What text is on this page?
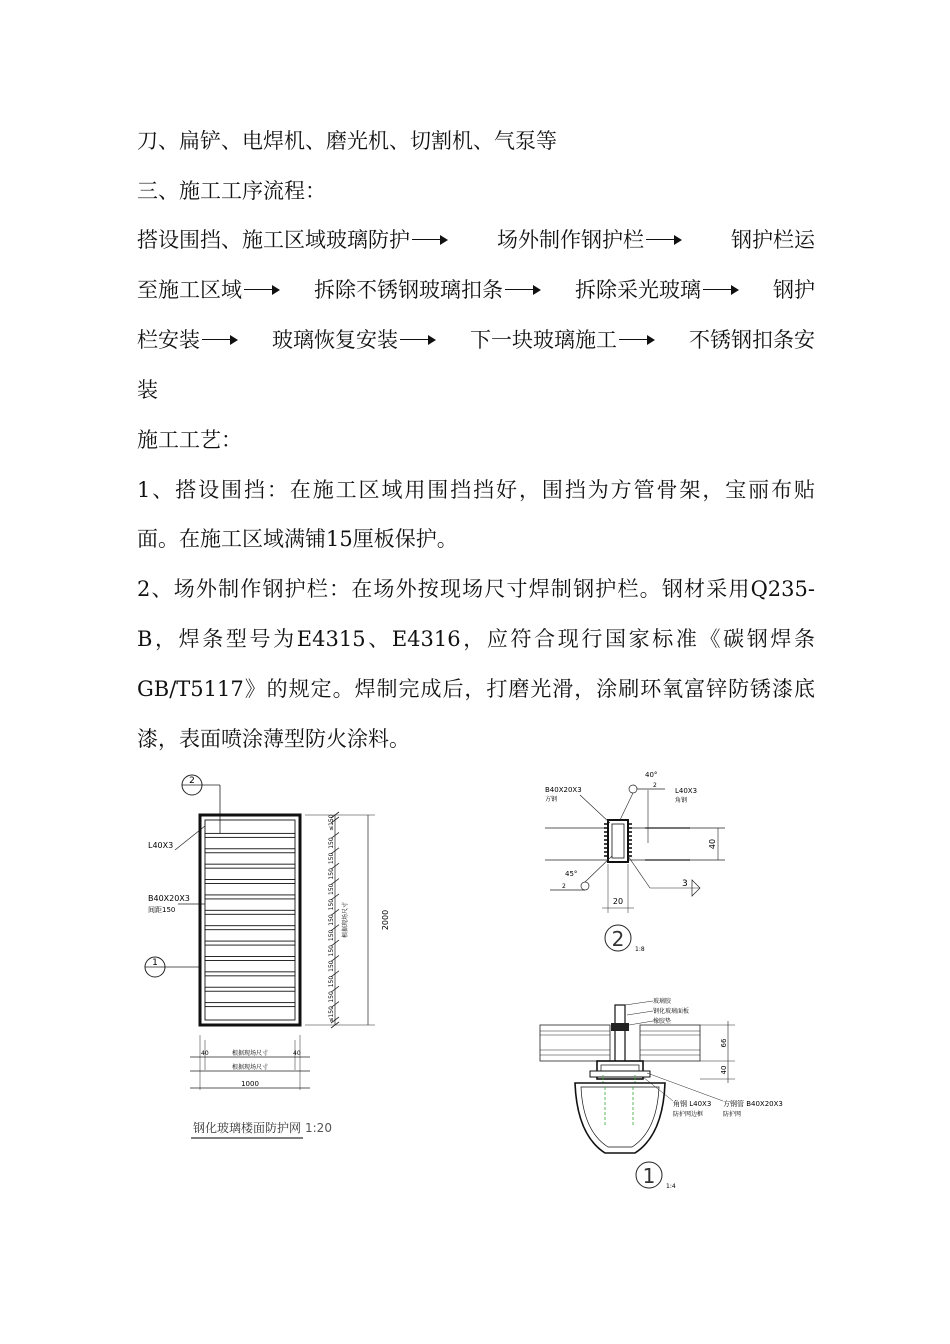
刀、扁铲、电焊机、磨光机、切割机、气泵等
三、施工工序流程：
搭设围挡、施工区域玻璃防护	场外制作钢护栏	钢护栏运
至施工区域	拆除不锈钢玻璃扣条	拆除采光玻璃	钢护
栏安装	玻璃恢复安装	下一块玻璃施工	不锈钢扣条安
装
施工工艺：
1、搭设围挡：在施工区域用围挡挡好，围挡为方管骨架，宝丽布贴
面。在施工区域满铺15厘板保护。
2、场外制作钢护栏：在场外按现场尺寸焊制钢护栏。钢材采用Q235-
B，焊条型号为E4315、E4316，应符合现行国家标准《碳钢焊条
GB/T5117》的规定。焊制完成后，打磨光滑，涂刷环氧富锌防锈漆底
漆，表面喷涂薄型防火涂料。
2
1
L40X3
B40X20X3
间距150
≤150
150
150
150
150
150
150
150
150
150
150
150
≤150
根据现场尺寸	2000
40	40
根据现场尺寸
根据现场尺寸
1000
钢化玻璃楼面防护网 1:20
B40X20X3
方钢
L40X3
角钢
40°
2
45°
2	3
40
20
2 1:8
玻璃胶
钢化玻璃面板
橡胶垫
角钢 L40X3
防护网边框
方钢管 B40X20X3
防护网
66
40
1 1:4
